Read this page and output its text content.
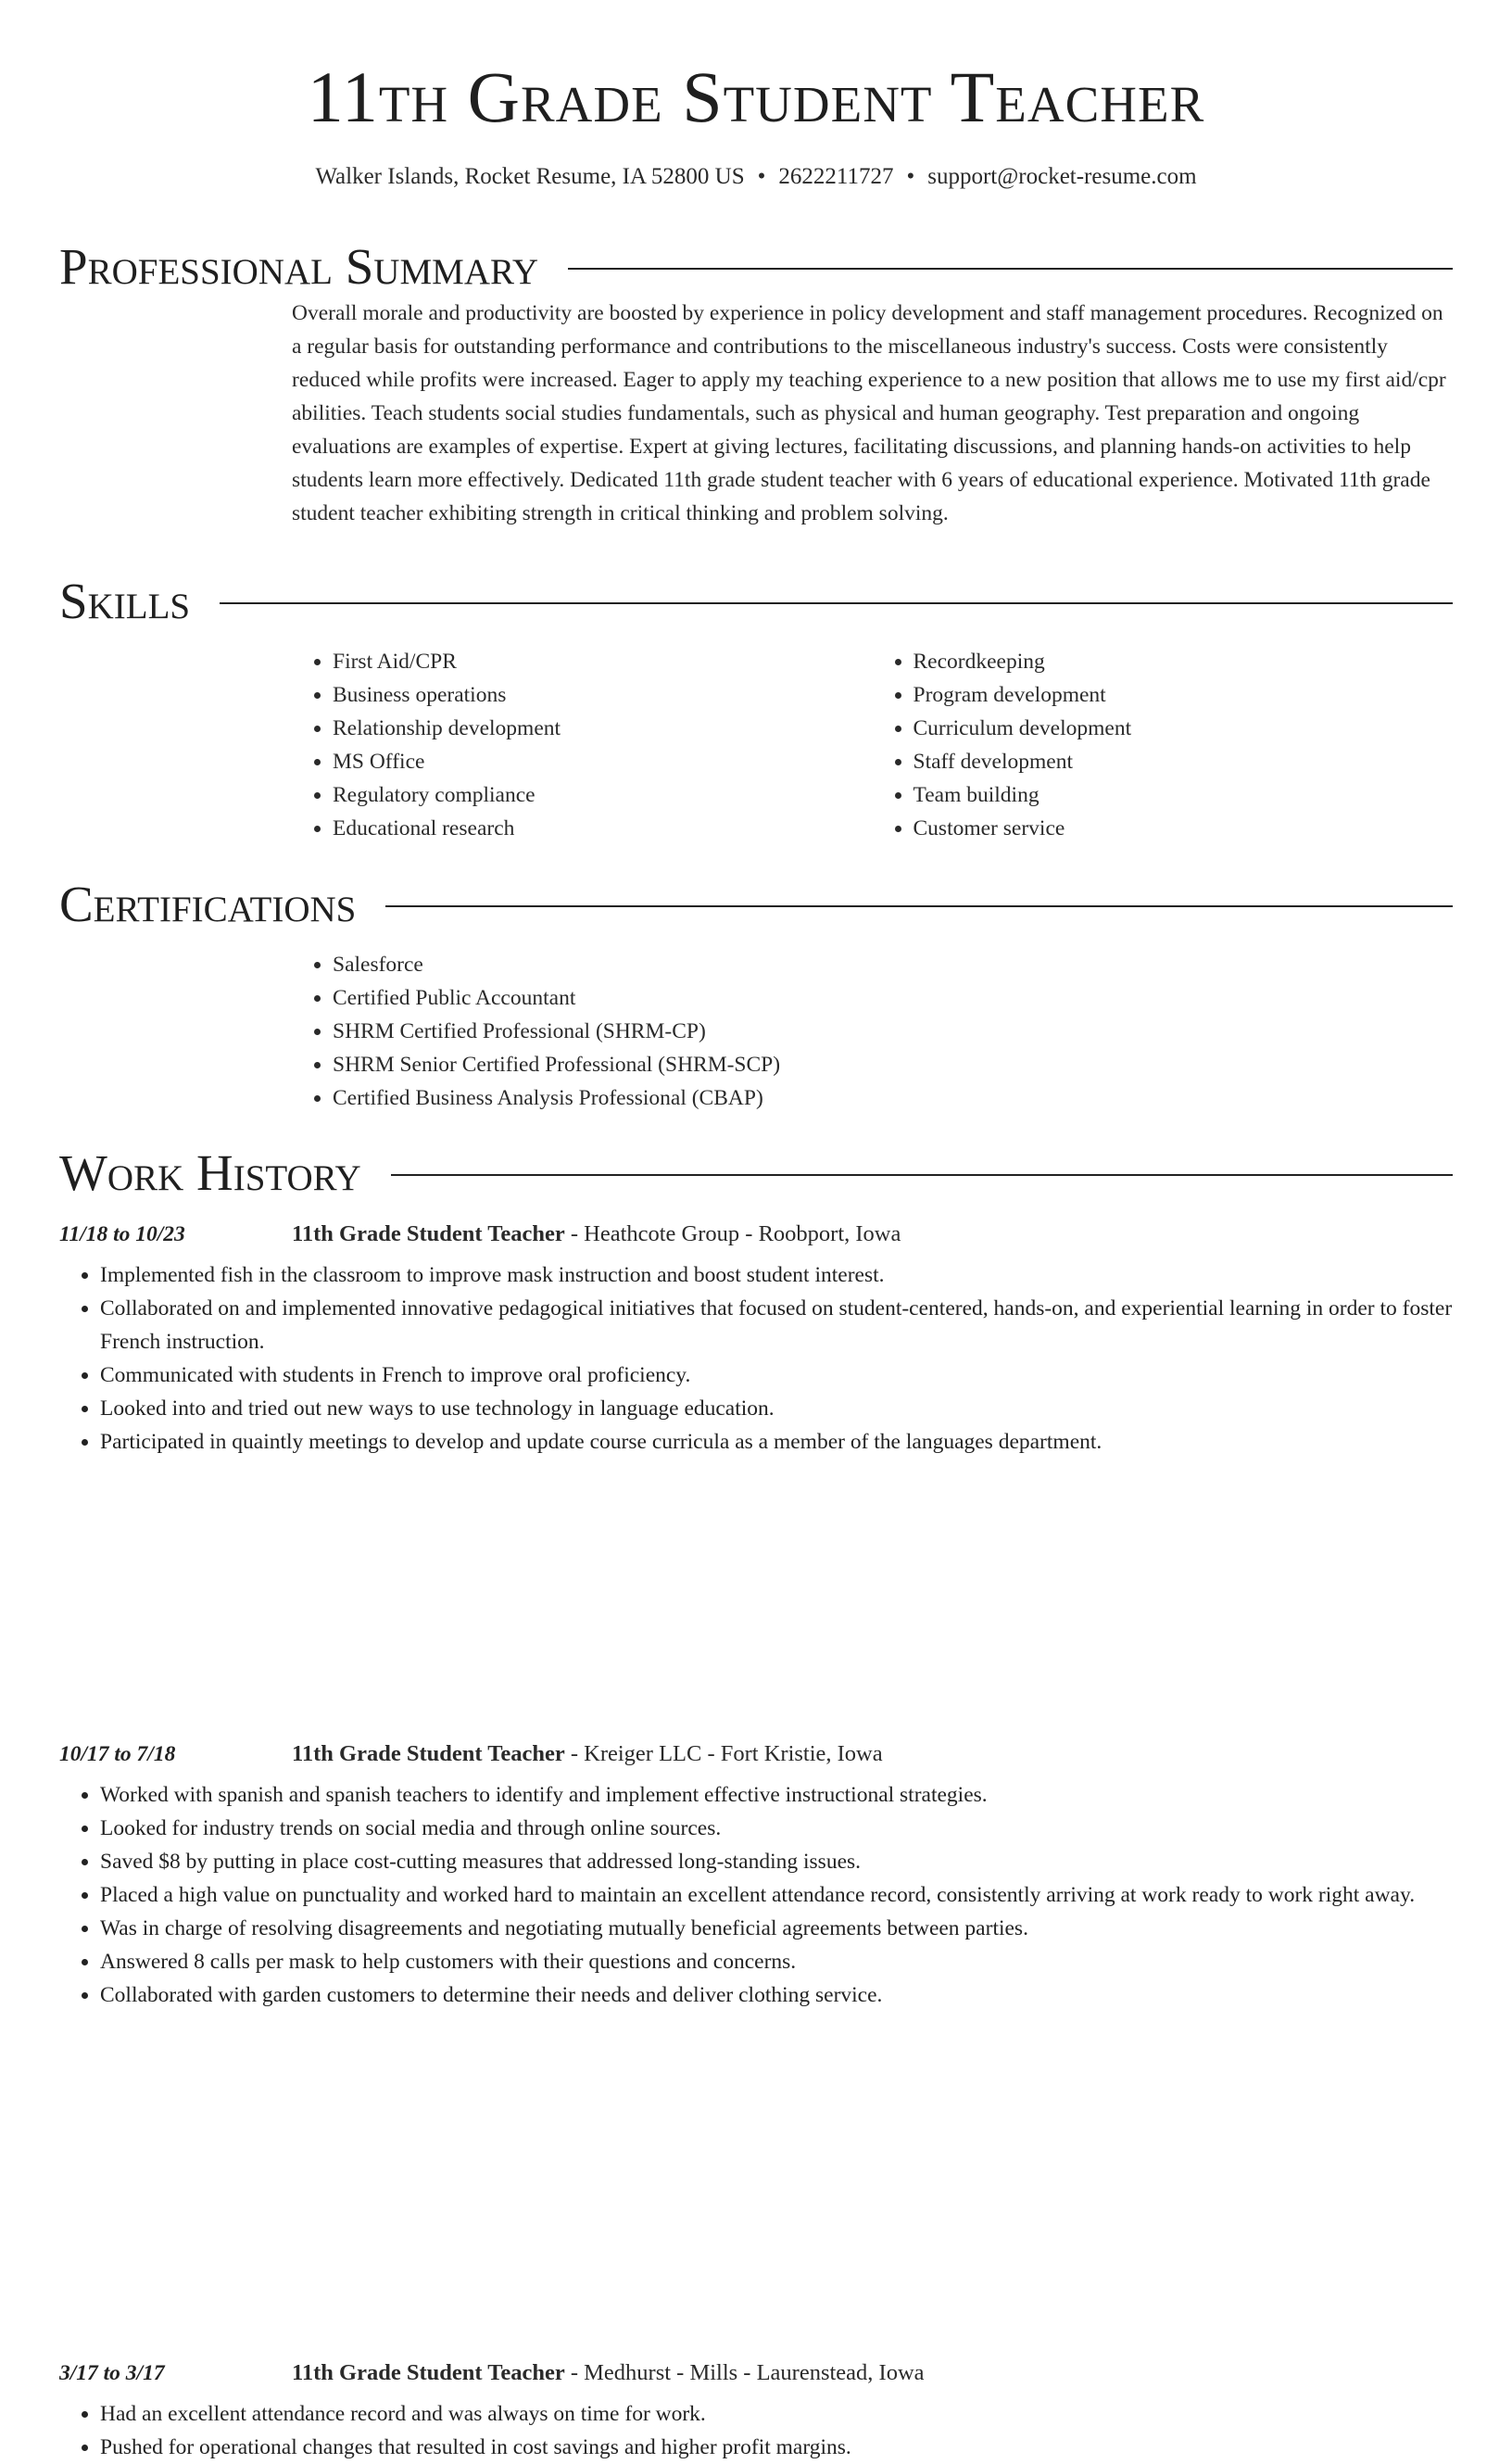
11th Grade Student Teacher
Walker Islands, Rocket Resume, IA 52800 US • 2622211727 • support@rocket-resume.com
Professional Summary

Overall morale and productivity are boosted by experience in policy development and staff management procedures. Recognized on a regular basis for outstanding performance and contributions to the miscellaneous industry's success. Costs were consistently reduced while profits were increased. Eager to apply my teaching experience to a new position that allows me to use my first aid/cpr abilities. Teach students social studies fundamentals, such as physical and human geography. Test preparation and ongoing evaluations are examples of expertise. Expert at giving lectures, facilitating discussions, and planning hands-on activities to help students learn more effectively. Dedicated 11th grade student teacher with 6 years of educational experience. Motivated 11th grade student teacher exhibiting strength in critical thinking and problem solving.

Skills
• First Aid/CPR
• Business operations
• Relationship development
• MS Office
• Regulatory compliance
• Educational research
• Recordkeeping
• Program development
• Curriculum development
• Staff development
• Team building
• Customer service
Certifications
• Salesforce
• Certified Public Accountant
• SHRM Certified Professional (SHRM-CP)
• SHRM Senior Certified Professional (SHRM-SCP)
• Certified Business Analysis Professional (CBAP)
Work History
11/18 to 10/23	11th Grade Student Teacher - Heathcote Group - Roobport, Iowa
• Implemented fish in the classroom to improve mask instruction and boost student interest.
• Collaborated on and implemented innovative pedagogical initiatives that focused on student-centered, hands-on, and experiential learning in order to foster French instruction.
• Communicated with students in French to improve oral proficiency.
• Looked into and tried out new ways to use technology in language education.
• Participated in quaintly meetings to develop and update course curricula as a member of the languages department.
10/17 to 7/18	11th Grade Student Teacher - Kreiger LLC - Fort Kristie, Iowa
• Worked with spanish and spanish teachers to identify and implement effective instructional strategies.
• Looked for industry trends on social media and through online sources.
• Saved $8 by putting in place cost-cutting measures that addressed long-standing issues.
• Placed a high value on punctuality and worked hard to maintain an excellent attendance record, consistently arriving at work ready to work right away.
• Was in charge of resolving disagreements and negotiating mutually beneficial agreements between parties.
• Answered 8 calls per mask to help customers with their questions and concerns.
• Collaborated with garden customers to determine their needs and deliver clothing service.
3/17 to 3/17	11th Grade Student Teacher - Medhurst - Mills - Laurenstead, Iowa
• Had an excellent attendance record and was always on time for work.
• Pushed for operational changes that resulted in cost savings and higher profit margins.
